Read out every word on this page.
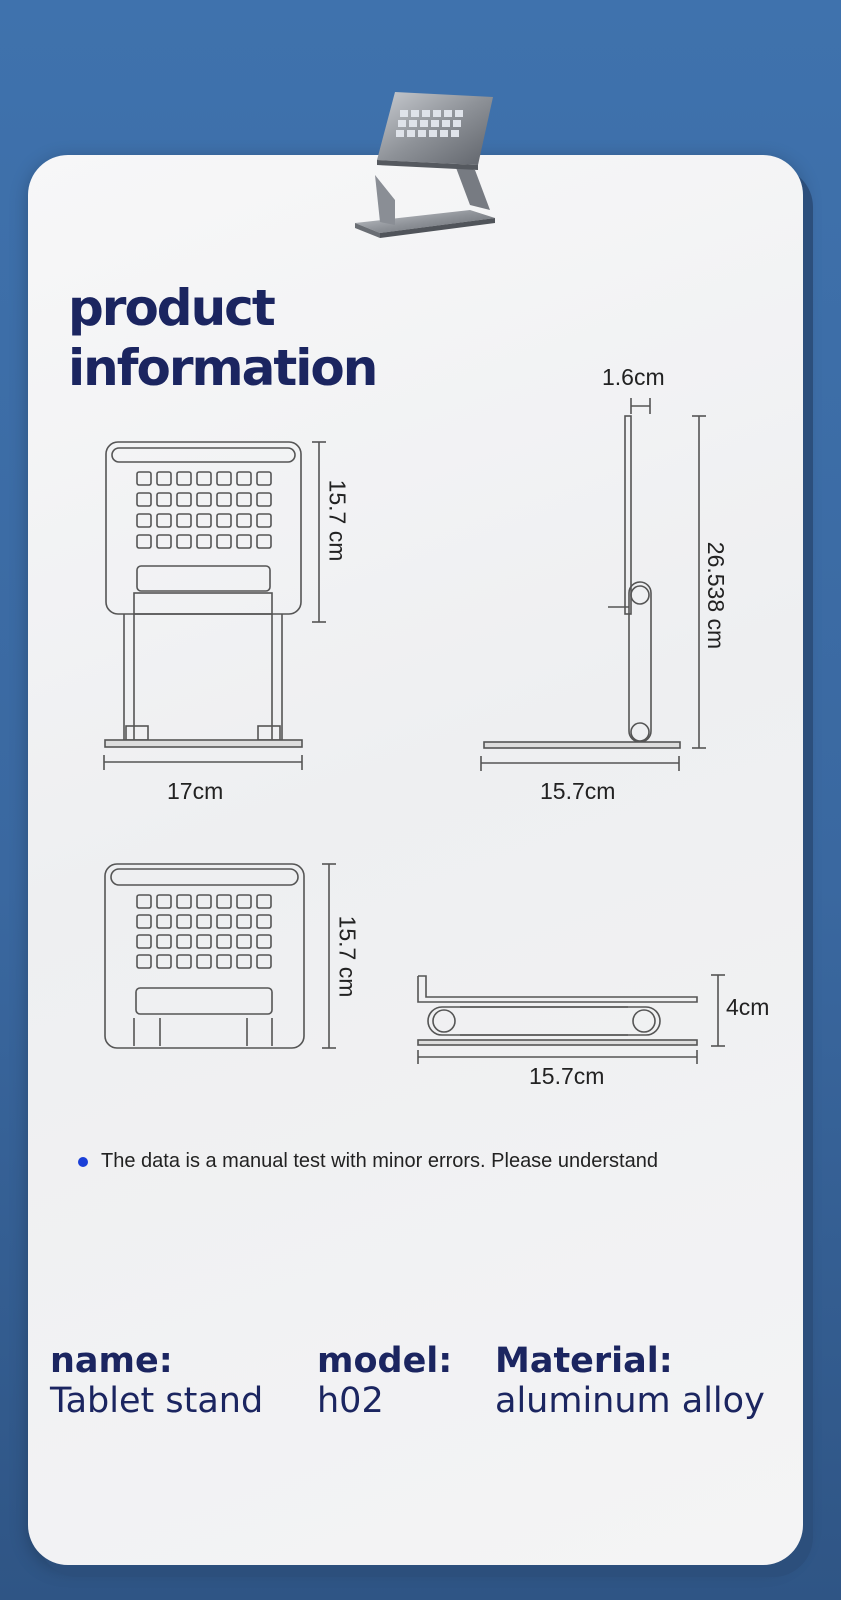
product
information
15.7 cm
17cm
1.6cm
26.538 cm
15.7cm
15.7 cm
4cm
15.7cm
The data is a manual test with minor errors. Please understand
name:
Tablet stand
model:
h02
Material:
aluminum alloy
